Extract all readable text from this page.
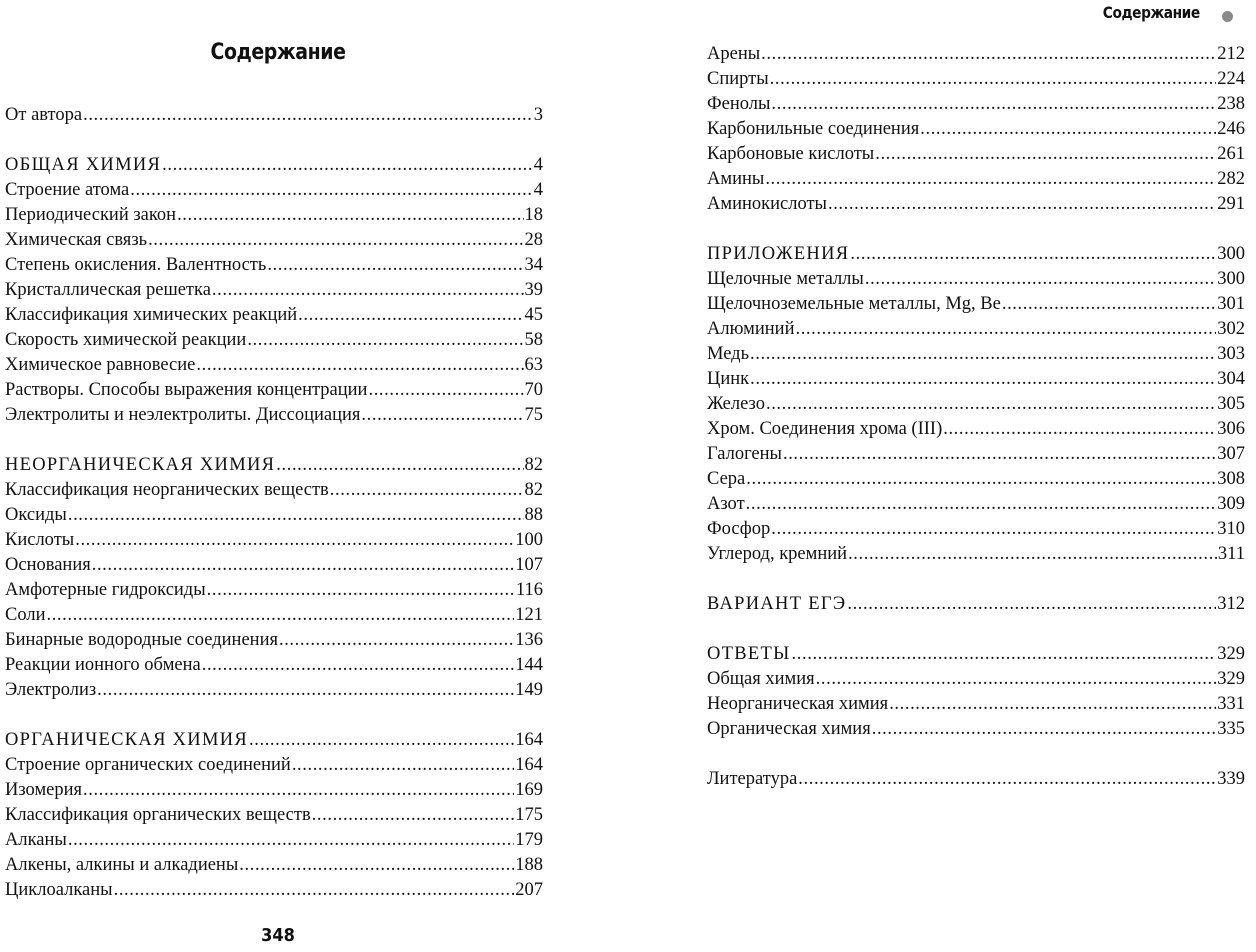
Содержание
От автора .....	3
ОБЩАЯ ХИМИЯ .....	4
Строение атома .....	4
Периодический закон .....	18
Химическая связь .....	28
Степень окисления. Валентность .....	34
Кристаллическая решетка .....	39
Классификация химических реакций .....	45
Скорость химической реакции .....	58
Химическое равновесие .....	63
Растворы. Способы выражения концентрации .....	70
Электролиты и неэлектролиты. Диссоциация .....	75
НЕОРГАНИЧЕСКАЯ ХИМИЯ .....	82
Классификация неорганических веществ .....	82
Оксиды .....	88
Кислоты .....	100
Основания .....	107
Амфотерные гидроксиды .....	116
Соли .....	121
Бинарные водородные соединения .....	136
Реакции ионного обмена .....	144
Электролиз .....	149
ОРГАНИЧЕСКАЯ ХИМИЯ .....	164
Строение органических соединений .....	164
Изомерия .....	169
Классификация органических веществ .....	175
Алканы .....	179
Алкены, алкины и алкадиены .....	188
Циклоалканы .....	207
348
Содержание
Арены .....	212
Спирты .....	224
Фенолы .....	238
Карбонильные соединения .....	246
Карбоновые кислоты .....	261
Амины .....	282
Аминокислоты .....	291
ПРИЛОЖЕНИЯ .....	300
Щелочные металлы .....	300
Щелочноземельные металлы, Mg, Be .....	301
Алюминий .....	302
Медь .....	303
Цинк .....	304
Железо .....	305
Хром. Соединения хрома (III) .....	306
Галогены .....	307
Сера .....	308
Азот .....	309
Фосфор .....	310
Углерод, кремний .....	311
ВАРИАНТ ЕГЭ .....	312
ОТВЕТЫ .....	329
Общая химия .....	329
Неорганическая химия .....	331
Органическая химия .....	335
Литература .....	339
